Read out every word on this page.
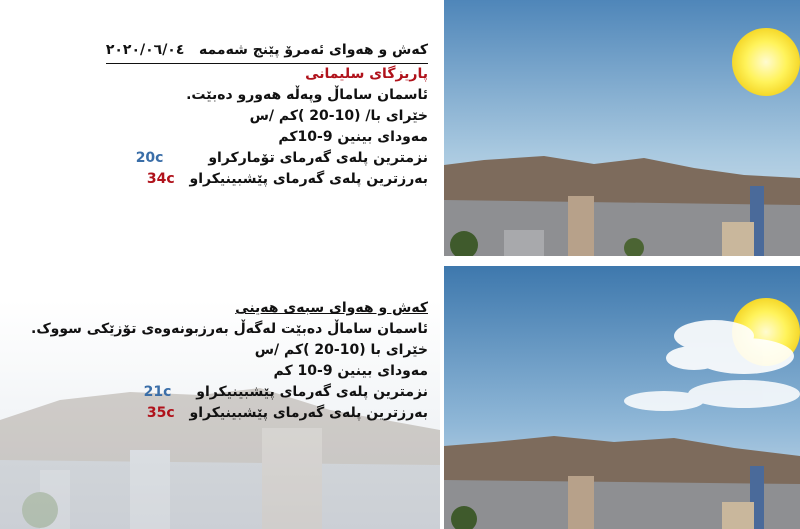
کەش و هەوای ئەمرۆ پێنج شەممە   ٢٠٢٠/٠٦/٠٤
پاریزگای سلیمانی
ئاسمان ساماڵ وپەڵە هەورو دەبێت.
خێرای با/ (10-20 )کم /س
مەودای بینین 9-10کم
نزمترین پلەی گەرمای تۆمارکراو 20c
بەرزترین پلەی گەرمای پێشبینیکراو 34c
کەش و هەوای سبەی هەینی
ئاسمان ساماڵ دەبێت لەگەڵ بەرزبونەوەی تۆزێکی سووک.
خێرای با (10-20 )کم /س
مەودای بینین 9-10 کم
نزمترین پلەی گەرمای پێشبینیکراو 21c
بەرزترین پلەی گەرمای پێشبینیکراو 35c
